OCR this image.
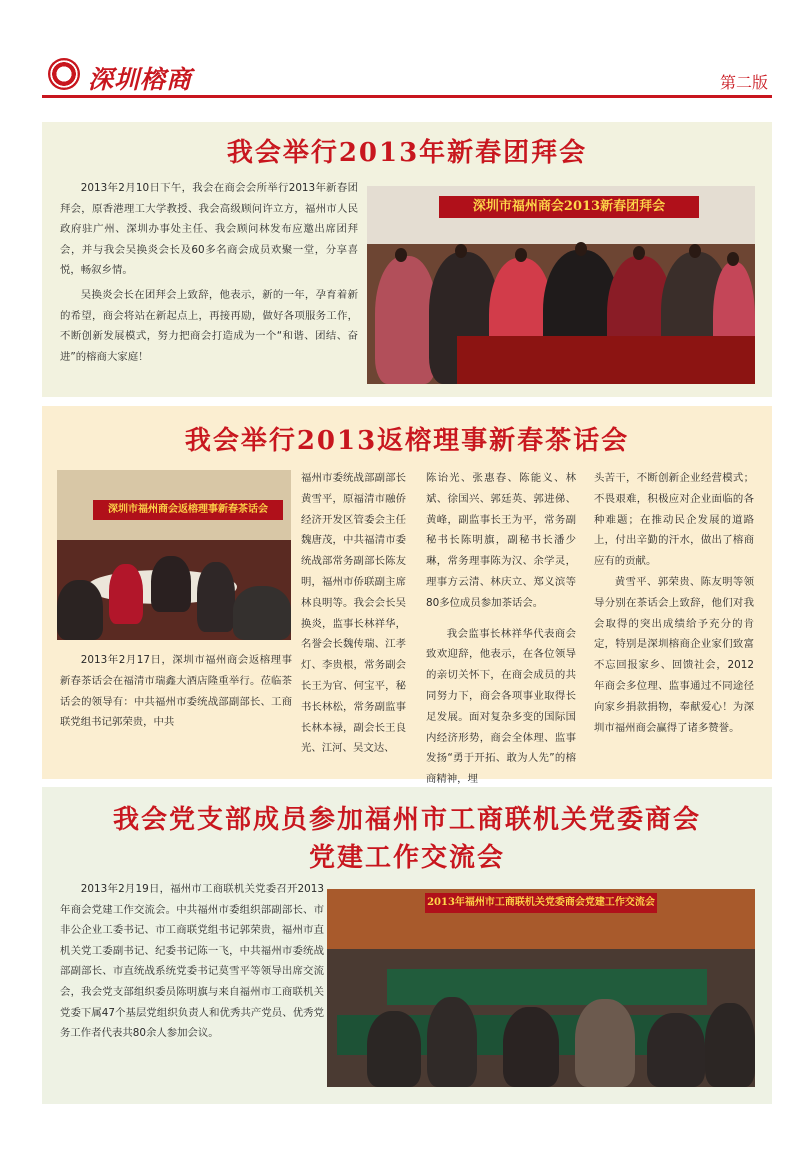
深圳榕商	第二版
我会举行2013年新春团拜会

2013年2月10日下午，我会在商会会所举行2013年新春团拜会，原香港理工大学教授、我会高级顾问许立方，福州市人民政府驻广州、深圳办事处主任、我会顾问林发布应邀出席团拜会，并与我会吴换炎会长及60多名商会成员欢聚一堂，分享喜悦，畅叙乡情。

吴换炎会长在团拜会上致辞，他表示，新的一年，孕育着新的希望，商会将站在新起点上，再接再励，做好各项服务工作，不断创新发展模式，努力把商会打造成为一个“和谐、团结、奋进”的榕商大家庭！

深圳市福州商会2013新春团拜会
我会举行2013返榕理事新春茶话会
深圳市福州商会返榕理事新春茶话会
2013年2月17日，深圳市福州商会返榕理事新春茶话会在福清市瑞鑫大酒店隆重举行。莅临茶话会的领导有：中共福州市委统战部副部长、工商联党组书记郭荣贵，中共
福州市委统战部副部长黄雪平，原福清市融侨经济开发区管委会主任魏唐茂，中共福清市委统战部常务副部长陈友明，福州市侨联副主席林良明等。我会会长吴换炎，监事长林祥华，名誉会长魏传瑞、江孝灯、李贵根，常务副会长王为官、何宝平，秘书长林松，常务副监事长林本禄，副会长王良光、江河、吴文达、
陈诒光、张惠春、陈能义、林斌、徐国兴、郭廷英、郭进俤、黄峰，副监事长王为平，常务副秘书长陈明旗，副秘书长潘少琳，常务理事陈为汉、余学灵，理事方云清、林庆立、郑义滨等80多位成员参加茶话会。
我会监事长林祥华代表商会致欢迎辞，他表示，在各位领导的亲切关怀下，在商会成员的共同努力下，商会各项事业取得长足发展。面对复杂多变的国际国内经济形势，商会全体理、监事发扬“勇于开拓、敢为人先”的榕商精神，埋
头苦干，不断创新企业经营模式；不畏艰难，积极应对企业面临的各种难题；在推动民企发展的道路上，付出辛勤的汗水，做出了榕商应有的贡献。
黄雪平、郭荣贵、陈友明等领导分别在茶话会上致辞，他们对我会取得的突出成绩给予充分的肯定，特别是深圳榕商企业家们致富不忘回报家乡、回馈社会，2012年商会多位理、监事通过不同途径向家乡捐款捐物，奉献爱心！为深圳市福州商会赢得了诸多赞誉。
我会党支部成员参加福州市工商联机关党委商会
党建工作交流会

2013年2月19日，福州市工商联机关党委召开2013年商会党建工作交流会。中共福州市委组织部副部长、市非公企业工委书记、市工商联党组书记郭荣贵，福州市直机关党工委副书记、纪委书记陈一飞，中共福州市委统战部副部长、市直统战系统党委书记莫雪平等领导出席交流会，我会党支部组织委员陈明旗与来自福州市工商联机关党委下属47个基层党组织负责人和优秀共产党员、优秀党务工作者代表共80余人参加会议。

2013年福州市工商联机关党委商会党建工作交流会
